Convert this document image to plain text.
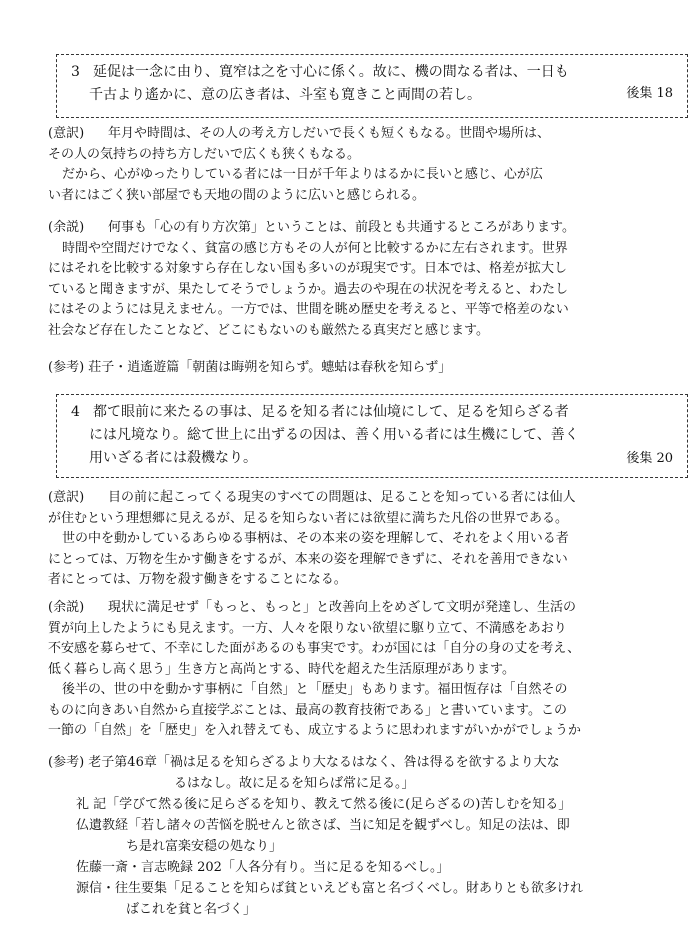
3 延促は一念に由り、寛窄は之を寸心に係く。故に、機の間なる者は、一日も
千古より遙かに、意の広き者は、斗室も寛きこと両間の若し。	後集 18
(意訳) 年月や時間は、その人の考え方しだいで長くも短くもなる。世間や場所は、
その人の気持ちの持ち方しだいで広くも狭くもなる。
だから、心がゆったりしている者には一日が千年よりはるかに長いと感じ、心が広
い者にはごく狭い部屋でも天地の間のように広いと感じられる。
(余説) 何事も「心の有り方次第」ということは、前段とも共通するところがあります。
時間や空間だけでなく、貧富の感じ方もその人が何と比較するかに左右されます。世界
にはそれを比較する対象すら存在しない国も多いのが現実です。日本では、格差が拡大し
ていると聞きますが、果たしてそうでしょうか。過去のや現在の状況を考えると、わたし
にはそのようには見えません。一方では、世間を眺め歴史を考えると、平等で格差のない
社会など存在したことなど、どこにもないのも厳然たる真実だと感じます。
(参考) 荘子・逍遙遊篇「朝菌は晦朔を知らず。蟪蛄は春秋を知らず」
4 都て眼前に来たるの事は、足るを知る者には仙境にして、足るを知らざる者
には凡境なり。総て世上に出ずるの因は、善く用いる者には生機にして、善く
用いざる者には殺機なり。	後集 20
(意訳) 目の前に起こってくる現実のすべての問題は、足ることを知っている者には仙人
が住むという理想郷に見えるが、足るを知らない者には欲望に満ちた凡俗の世界である。
世の中を動かしているあらゆる事柄は、その本来の姿を理解して、それをよく用いる者
にとっては、万物を生かす働きをするが、本来の姿を理解できずに、それを善用できない
者にとっては、万物を殺す働きをすることになる。
(余説) 現状に満足せず「もっと、もっと」と改善向上をめざして文明が発達し、生活の
質が向上したようにも見えます。一方、人々を限りない欲望に駆り立て、不満感をあおり
不安感を募らせて、不幸にした面があるのも事実です。わが国には「自分の身の丈を考え、
低く暮らし高く思う」生き方と高尚とする、時代を超えた生活原理があります。
後半の、世の中を動かす事柄に「自然」と「歴史」もあります。福田恆存は「自然その
ものに向きあい自然から直接学ぶことは、最高の教育技術である」と書いています。この
一節の「自然」を「歴史」を入れ替えても、成立するように思われますがいかがでしょうか
(参考) 老子第46章「禍は足るを知らざるより大なるはなく、咎は得るを欲するより大な
るはなし。故に足るを知らば常に足る。」
礼 記「学びて然る後に足らざるを知り、教えて然る後に(足らざるの)苦しむを知る」
仏遺教経「若し諸々の苦悩を脱せんと欲さば、当に知足を観ずべし。知足の法は、即
ち是れ富楽安穏の処なり」
佐藤一斎・言志晩録 202「人各分有り。当に足るを知るべし。」
源信・往生要集「足ることを知らば貧といえども富と名づくべし。財ありとも欲多けれ
ばこれを貧と名づく」
